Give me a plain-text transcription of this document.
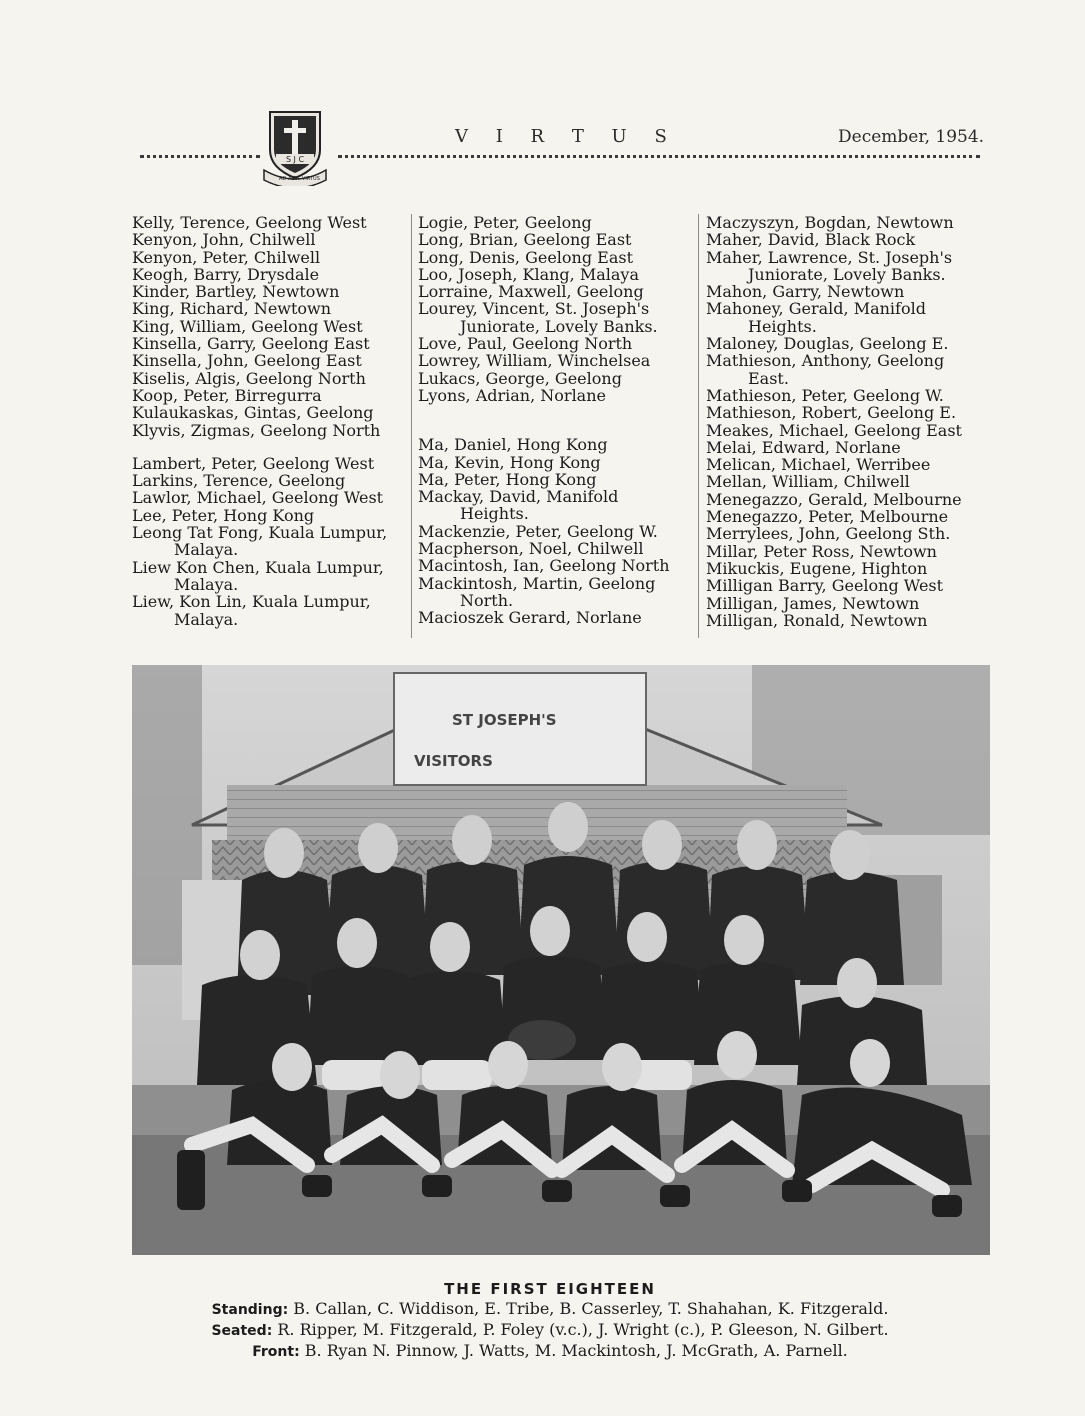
S J C
AD ALTA VIRTUS
V I R T U S	December, 1954.
Kelly, Terence, Geelong West
Kenyon, John, Chilwell
Kenyon, Peter, Chilwell
Keogh, Barry, Drysdale
Kinder, Bartley, Newtown
King, Richard, Newtown
King, William, Geelong West
Kinsella, Garry, Geelong East
Kinsella, John, Geelong East
Kiselis, Algis, Geelong North
Koop, Peter, Birregurra
Kulaukaskas, Gintas, Geelong
Klyvis, Zigmas, Geelong North
Lambert, Peter, Geelong West
Larkins, Terence, Geelong
Lawlor, Michael, Geelong West
Lee, Peter, Hong Kong
Leong Tat Fong, Kuala Lumpur,
Malaya.
Liew Kon Chen, Kuala Lumpur,
Malaya.
Liew, Kon Lin, Kuala Lumpur,
Malaya.
Logie, Peter, Geelong
Long, Brian, Geelong East
Long, Denis, Geelong East
Loo, Joseph, Klang, Malaya
Lorraine, Maxwell, Geelong
Lourey, Vincent, St. Joseph's
Juniorate, Lovely Banks.
Love, Paul, Geelong North
Lowrey, William, Winchelsea
Lukacs, George, Geelong
Lyons, Adrian, Norlane
Ma, Daniel, Hong Kong
Ma, Kevin, Hong Kong
Ma, Peter, Hong Kong
Mackay, David, Manifold
Heights.
Mackenzie, Peter, Geelong W.
Macpherson, Noel, Chilwell
Macintosh, Ian, Geelong North
Mackintosh, Martin, Geelong
North.
Macioszek Gerard, Norlane
Maczyszyn, Bogdan, Newtown
Maher, David, Black Rock
Maher, Lawrence, St. Joseph's
Juniorate, Lovely Banks.
Mahon, Garry, Newtown
Mahoney, Gerald, Manifold
Heights.
Maloney, Douglas, Geelong E.
Mathieson, Anthony, Geelong
East.
Mathieson, Peter, Geelong W.
Mathieson, Robert, Geelong E.
Meakes, Michael, Geelong East
Melai, Edward, Norlane
Melican, Michael, Werribee
Mellan, William, Chilwell
Menegazzo, Gerald, Melbourne
Menegazzo, Peter, Melbourne
Merrylees, John, Geelong Sth.
Millar, Peter Ross, Newtown
Mikuckis, Eugene, Highton
Milligan Barry, Geelong West
Milligan, James, Newtown
Milligan, Ronald, Newtown
ST JOSEPH'S
VISITORS
THE FIRST EIGHTEEN
Standing: B. Callan, C. Widdison, E. Tribe, B. Casserley, T. Shahahan, K. Fitzgerald.
Seated: R. Ripper, M. Fitzgerald, P. Foley (v.c.), J. Wright (c.), P. Gleeson, N. Gilbert.
Front: B. Ryan N. Pinnow, J. Watts, M. Mackintosh, J. McGrath, A. Parnell.
